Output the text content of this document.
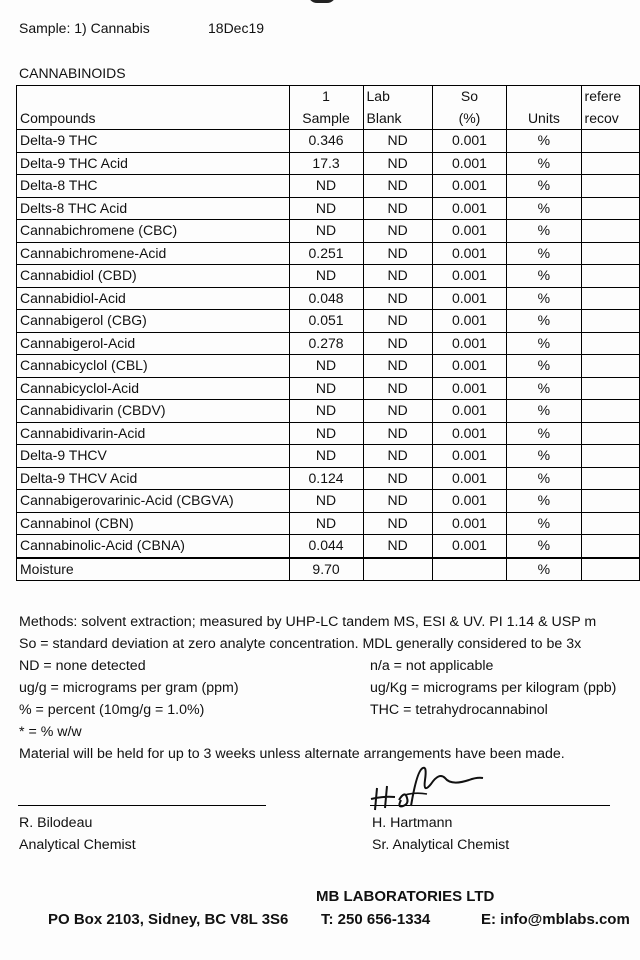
Sample: 1) Cannabis	18Dec19
CANNABINOIDS
	1	Lab	So		refere
Compounds	Sample	Blank	(%)	Units	recov
Delta-9 THC	0.346	ND	0.001	%	
Delta-9 THC Acid	17.3	ND	0.001	%	
Delta-8 THC	ND	ND	0.001	%	
Delts-8 THC Acid	ND	ND	0.001	%	
Cannabichromene (CBC)	ND	ND	0.001	%	
Cannabichromene-Acid	0.251	ND	0.001	%	
Cannabidiol (CBD)	ND	ND	0.001	%	
Cannabidiol-Acid	0.048	ND	0.001	%	
Cannabigerol (CBG)	0.051	ND	0.001	%	
Cannabigerol-Acid	0.278	ND	0.001	%	
Cannabicyclol (CBL)	ND	ND	0.001	%	
Cannabicyclol-Acid	ND	ND	0.001	%	
Cannabidivarin (CBDV)	ND	ND	0.001	%	
Cannabidivarin-Acid	ND	ND	0.001	%	
Delta-9 THCV	ND	ND	0.001	%	
Delta-9 THCV Acid	0.124	ND	0.001	%	
Cannabigerovarinic-Acid (CBGVA)	ND	ND	0.001	%	
Cannabinol (CBN)	ND	ND	0.001	%	
Cannabinolic-Acid (CBNA)	0.044	ND	0.001	%	
Moisture	9.70			%	
Methods: solvent extraction; measured by UHP-LC tandem MS, ESI & UV. PI 1.14 & USP m
So = standard deviation at zero analyte concentration. MDL generally considered to be 3x
ND = none detected	n/a = not applicable
ug/g = micrograms per gram (ppm)	ug/Kg = micrograms per kilogram (ppb)
% = percent (10mg/g = 1.0%)	THC = tetrahydrocannabinol
* = % w/w
Material will be held for up to 3 weeks unless alternate arrangements have been made.
R. Bilodeau
Analytical Chemist
H. Hartmann
Sr. Analytical Chemist
MB LABORATORIES LTD
PO Box 2103, Sidney, BC V8L 3S6 T: 250 656-1334	E: info@mblabs.com
